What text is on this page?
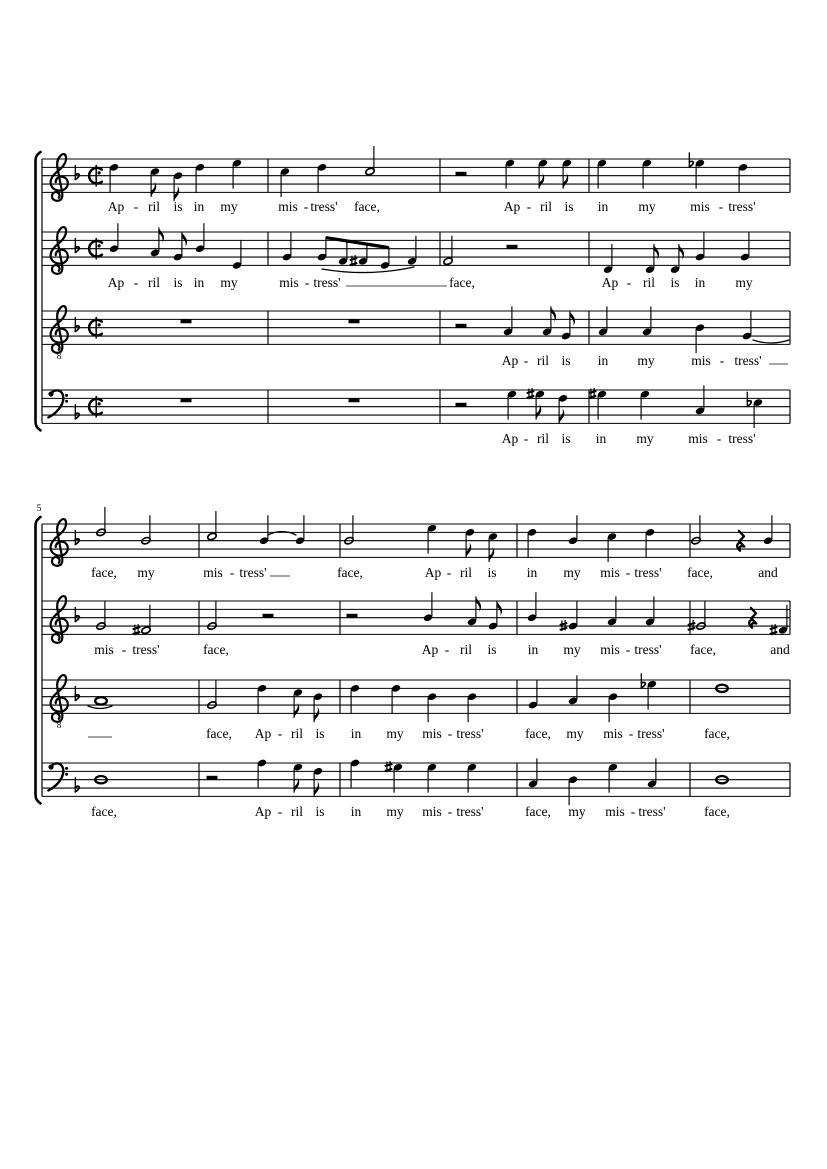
Ap - ril is in my	mis - tress' face,	Ap - ril is in my	mis - tress'
Ap - ril is in my	mis - tress'	face,	Ap - ril is in my
8	Ap - ril is in my	mis - tress'
Ap - ril is in my	mis - tress'
5
face, my	mis - tress'	face,	Ap - ril is in my mis - tress' face,	and
mis - tress'	face,	Ap - ril is in my mis - tress' face,	and
8
face, Ap - ril is in my mis - tress'	face, my mis - tress'	face,
face,	Ap - ril is in my mis - tress'	face, my mis - tress'	face,
